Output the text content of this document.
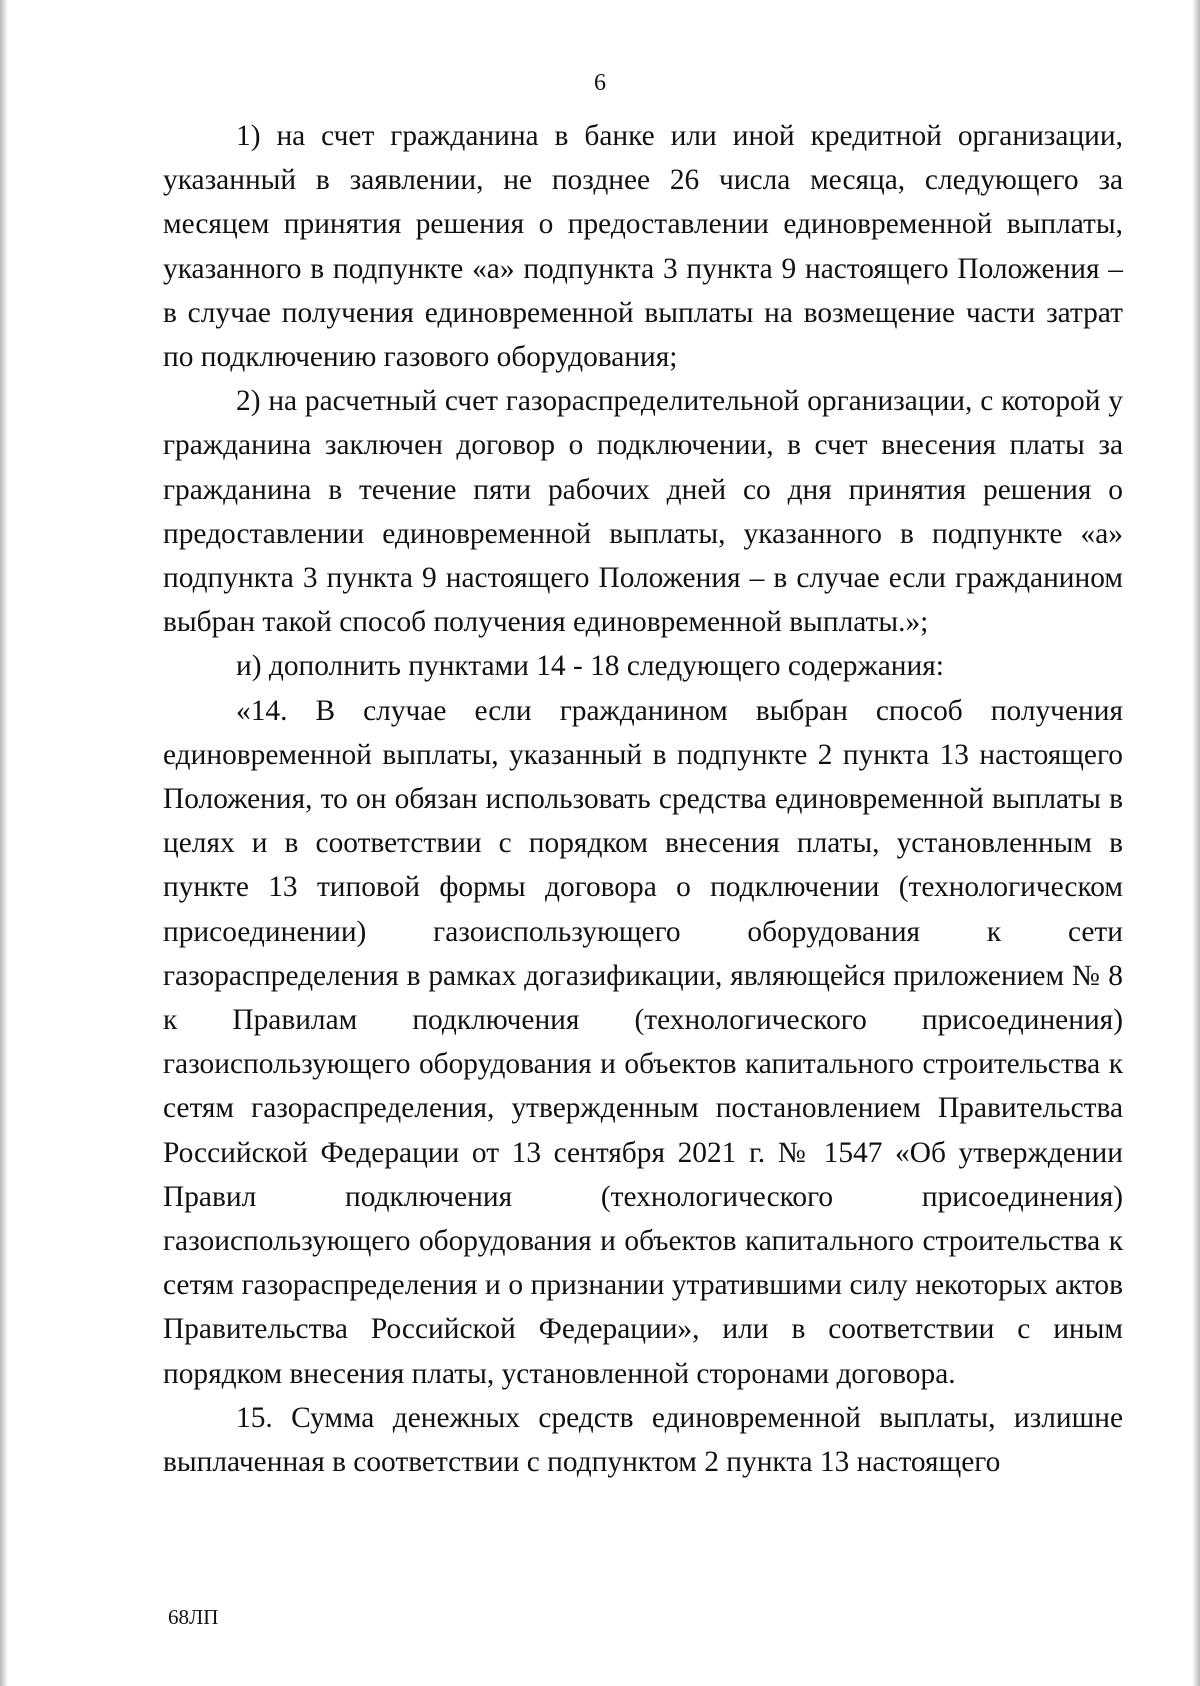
6

1) на счет гражданина в банке или иной кредитной организации, указанный в заявлении, не позднее 26 числа месяца, следующего за месяцем принятия решения о предоставлении единовременной выплаты, указанного в подпункте «а» подпункта 3 пункта 9 настоящего Положения – в случае получения единовременной выплаты на возмещение части затрат по подключению газового оборудования;

2) на расчетный счет газораспределительной организации, с которой у гражданина заключен договор о подключении, в счет внесения платы за гражданина в течение пяти рабочих дней со дня принятия решения о предоставлении единовременной выплаты, указанного в подпункте «а» подпункта 3 пункта 9 настоящего Положения – в случае если гражданином выбран такой способ получения единовременной выплаты.»;

и) дополнить пунктами 14 - 18 следующего содержания:

«14. В случае если гражданином выбран способ получения единовременной выплаты, указанный в подпункте 2 пункта 13 настоящего Положения, то он обязан использовать средства единовременной выплаты в целях и в соответствии с порядком внесения платы, установленным в пункте 13 типовой формы договора о подключении (технологическом присоединении) газоиспользующего оборудования к сети газораспределения в рамках догазификации, являющейся приложением № 8 к Правилам подключения (технологического присоединения) газоиспользующего оборудования и объектов капитального строительства к сетям газораспределения, утвержденным постановлением Правительства Российской Федерации от 13 сентября 2021 г. № 1547 «Об утверждении Правил подключения (технологического присоединения) газоиспользующего оборудования и объектов капитального строительства к сетям газораспределения и о признании утратившими силу некоторых актов Правительства Российской Федерации», или в соответствии с иным порядком внесения платы, установленной сторонами договора.

15. Сумма денежных средств единовременной выплаты, излишне выплаченная в соответствии с подпунктом 2 пункта 13 настоящего

68ЛП
